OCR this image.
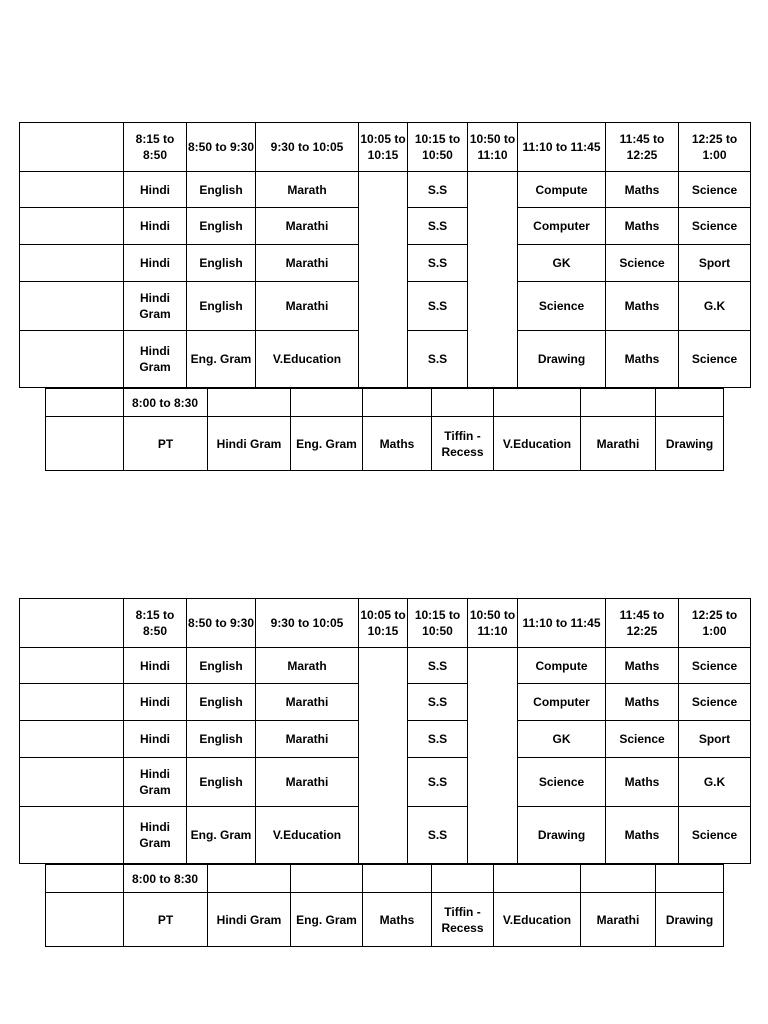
	8:15 to 8:50	8:50 to 9:30	9:30 to 10:05	10:05 to 10:15	10:15 to 10:50	10:50 to 11:10	11:10 to 11:45	11:45 to 12:25	12:25 to 1:00
	Hindi	English	Marath		S.S		Compute	Maths	Science
	Hindi	English	Marathi		S.S		Computer	Maths	Science
	Hindi	English	Marathi		S.S		GK	Science	Sport
	Hindi Gram	English	Marathi		S.S		Science	Maths	G.K
	Hindi Gram	Eng. Gram	V.Education		S.S		Drawing	Maths	Science
	8:00 to 8:30							
	PT	Hindi Gram	Eng. Gram	Maths	Tiffin - Recess	V.Education	Marathi	Drawing
	8:15 to 8:50	8:50 to 9:30	9:30 to 10:05	10:05 to 10:15	10:15 to 10:50	10:50 to 11:10	11:10 to 11:45	11:45 to 12:25	12:25 to 1:00
	Hindi	English	Marath		S.S		Compute	Maths	Science
	Hindi	English	Marathi		S.S		Computer	Maths	Science
	Hindi	English	Marathi		S.S		GK	Science	Sport
	Hindi Gram	English	Marathi		S.S		Science	Maths	G.K
	Hindi Gram	Eng. Gram	V.Education		S.S		Drawing	Maths	Science
	8:00 to 8:30							
	PT	Hindi Gram	Eng. Gram	Maths	Tiffin - Recess	V.Education	Marathi	Drawing
